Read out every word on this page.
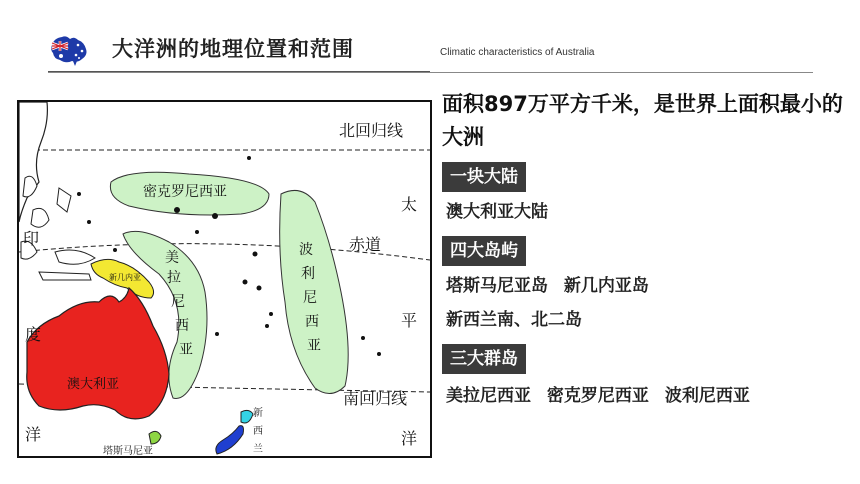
大洋洲的地理位置和范围	Climatic characteristics of Australia
北回归线
赤道
南回归线
太
平
洋
印
度
洋
密克罗尼西亚
美
拉
尼
西
亚
波
利
尼
西
亚
澳大利亚
新几内亚
塔斯马尼亚
新
西
兰
面积897万平方千米，是世界上面积最小的大洲
一块大陆
澳大利亚大陆
四大岛屿
塔斯马尼亚岛 新几内亚岛
新西兰南、北二岛
三大群岛
美拉尼西亚 密克罗尼西亚 波利尼西亚
